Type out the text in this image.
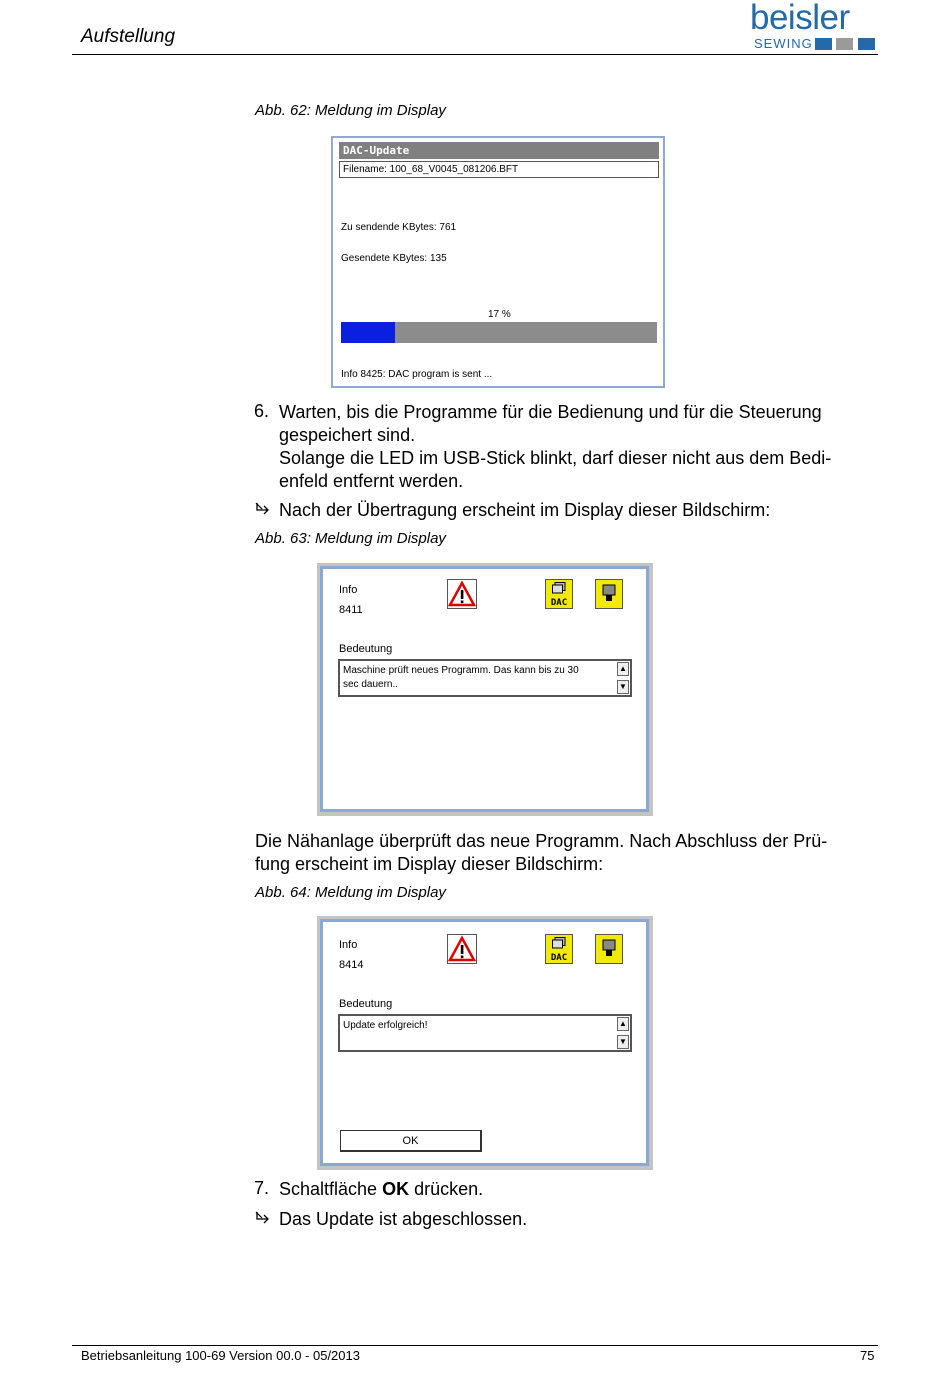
Aufstellung	beisler
SEWING
Abb. 62: Meldung im Display
DAC-Update
Filename: 100_68_V0045_081206.BFT
Zu sendende KBytes: 761
Gesendete KBytes: 135
17 %
Info 8425: DAC program is sent ...
6. Warten, bis die Programme für die Bedienung und für die Steuerung
gespeichert sind.
Solange die LED im USB-Stick blinkt, darf dieser nicht aus dem Bedi-
enfeld entfernt werden.
Nach der Übertragung erscheint im Display dieser Bildschirm:
Abb. 63: Meldung im Display
Info
8411
DAC
Bedeutung
Maschine prüft neues Programm. Das kann bis zu 30
sec dauern..
▲
▼
Die Nähanlage überprüft das neue Programm. Nach Abschluss der Prü-
fung erscheint im Display dieser Bildschirm:
Abb. 64: Meldung im Display
Info
8414
DAC
Bedeutung
Update erfolgreich!	▲
▼
OK
7. Schaltfläche OK drücken.
Das Update ist abgeschlossen.
Betriebsanleitung 100-69 Version 00.0 - 05/2013	75
